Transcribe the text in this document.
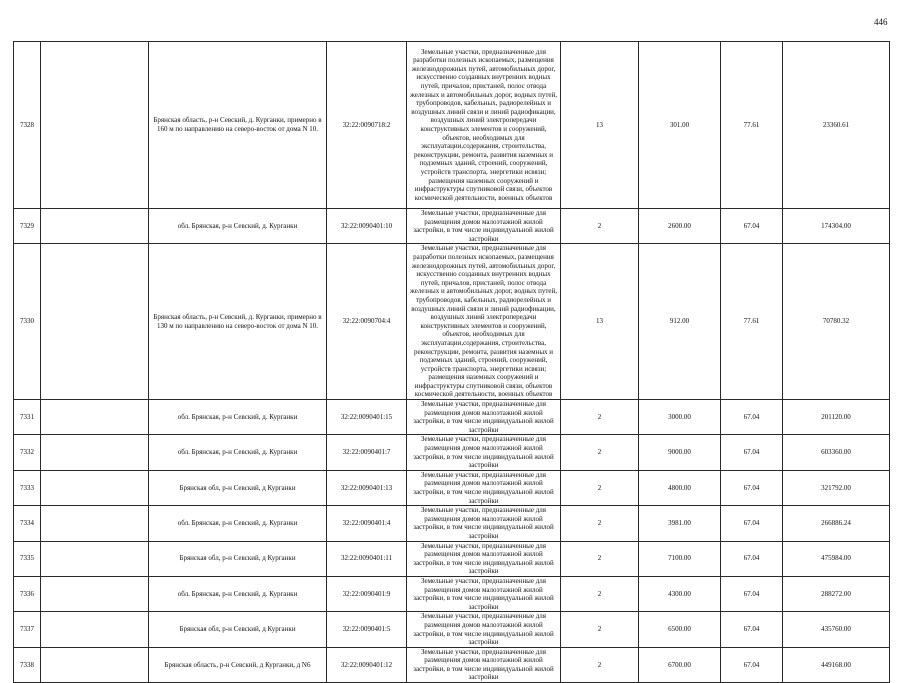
446
7328		Брянская область, р-н Севский, д. Курганки, примерно в 160 м по направлению на северо-восток от дома N 10.	32:22:0090718:2	Земельные участки, предназначенные для разработки полезных ископаемых, размещения железнодорожных путей, автомобильных дорог, искусственно созданных внутренних водных путей, причалов, пристаней, полос отвода железных и автомобильных дорог, водных путей, трубопроводов, кабельных, радиорелейных и воздушных линий связи и линий радиофикации, воздушных линий электропередачи конструктивных элементов и сооружений, объектов, необходимых для эксплуатации,содержания, строительства, реконструкции, ремонта, развития наземных и подземных зданий, строений, сооружений, устройств транспорта, энергетики исвязи; размещения наземных сооружений и инфраструктуры спутниковой связи, объектов космической деятельности, военных объектов	13	301.00	77.61	23360.61
7329		обл. Брянская, р-н Севский, д. Курганки	32:22:0090401:10	Земельные участки, предназначенные для размещения домов малоэтажной жилой застройки, в том числе индивидуальной жилой застройки	2	2600.00	67.04	174304.00
7330		Брянская область, р-н Севский, д. Курганки, примерно в 130 м по направлению на северо-восток от дома N 10.	32:22:0090704:4	Земельные участки, предназначенные для разработки полезных ископаемых, размещения железнодорожных путей, автомобильных дорог, искусственно созданных внутренних водных путей, причалов, пристаней, полос отвода железных и автомобильных дорог, водных путей, трубопроводов, кабельных, радиорелейных и воздушных линий связи и линий радиофикации, воздушных линий электропередачи конструктивных элементов и сооружений, объектов, необходимых для эксплуатации,содержания, строительства, реконструкции, ремонта, развития наземных и подземных зданий, строений, сооружений, устройств транспорта, энергетики исвязи; размещения наземных сооружений и инфраструктуры спутниковой связи, объектов космической деятельности, военных объектов	13	912.00	77.61	70780.32
7331		обл. Брянская, р-н Севский, д. Курганки	32:22:0090401:15	Земельные участки, предназначенные для размещения домов малоэтажной жилой застройки, в том числе индивидуальной жилой застройки	2	3000.00	67.04	201120.00
7332		обл. Брянская, р-н Севский, д. Курганки	32:22:0090401:7	Земельные участки, предназначенные для размещения домов малоэтажной жилой застройки, в том числе индивидуальной жилой застройки	2	9000.00	67.04	603360.00
7333		Брянская обл, р-н Севский, д Курганки	32:22:0090401:13	Земельные участки, предназначенные для размещения домов малоэтажной жилой застройки, в том числе индивидуальной жилой застройки	2	4800.00	67.04	321792.00
7334		обл. Брянская, р-н Севский, д. Курганки	32:22:0090401:4	Земельные участки, предназначенные для размещения домов малоэтажной жилой застройки, в том числе индивидуальной жилой застройки	2	3981.00	67.04	266886.24
7335		Брянская обл, р-н Севский, д Курганки	32:22:0090401:11	Земельные участки, предназначенные для размещения домов малоэтажной жилой застройки, в том числе индивидуальной жилой застройки	2	7100.00	67.04	475984.00
7336		обл. Брянская, р-н Севский, д. Курганки	32:22:0090401:9	Земельные участки, предназначенные для размещения домов малоэтажной жилой застройки, в том числе индивидуальной жилой застройки	2	4300.00	67.04	288272.00
7337		Брянская обл, р-н Севский, д Курганки	32:22:0090401:5	Земельные участки, предназначенные для размещения домов малоэтажной жилой застройки, в том числе индивидуальной жилой застройки	2	6500.00	67.04	435760.00
7338		Брянская область, р-н Севский, д Курганки, д N6	32:22:0090401:12	Земельные участки, предназначенные для размещения домов малоэтажной жилой застройки, в том числе индивидуальной жилой застройки	2	6700.00	67.04	449168.00
